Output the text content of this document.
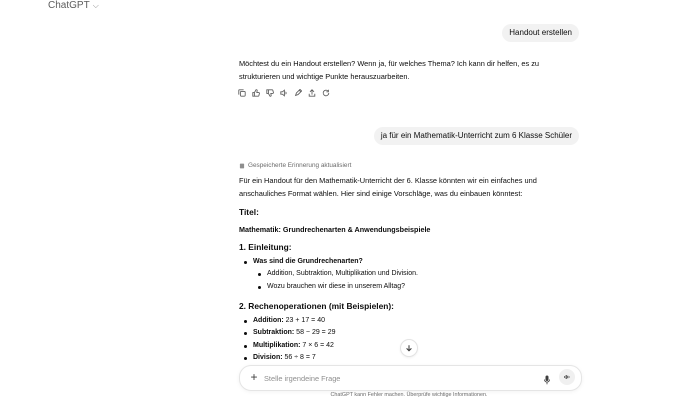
ChatGPT ⌵
Handout erstellen
Möchtest du ein Handout erstellen? Wenn ja, für welches Thema? Ich kann dir helfen, es zu strukturieren und wichtige Punkte herauszuarbeiten.
ja für ein Mathematik-Unterricht zum 6 Klasse Schüler
Gespeicherte Erinnerung aktualisiert
Für ein Handout für den Mathematik-Unterricht der 6. Klasse könnten wir ein einfaches und anschauliches Format wählen. Hier sind einige Vorschläge, was du einbauen könntest:
Titel:
Mathematik: Grundrechenarten & Anwendungsbeispiele
1. Einleitung:
Was sind die Grundrechenarten?
Addition, Subtraktion, Multiplikation und Division.
Wozu brauchen wir diese in unserem Alltag?
2. Rechenoperationen (mit Beispielen):
Addition: 23 + 17 = 40
Subtraktion: 58 − 29 = 29
Multiplikation: 7 × 6 = 42
Division: 56 ÷ 8 = 7
+
Stelle irgendeine Frage
ChatGPT kann Fehler machen. Überprüfe wichtige Informationen.
